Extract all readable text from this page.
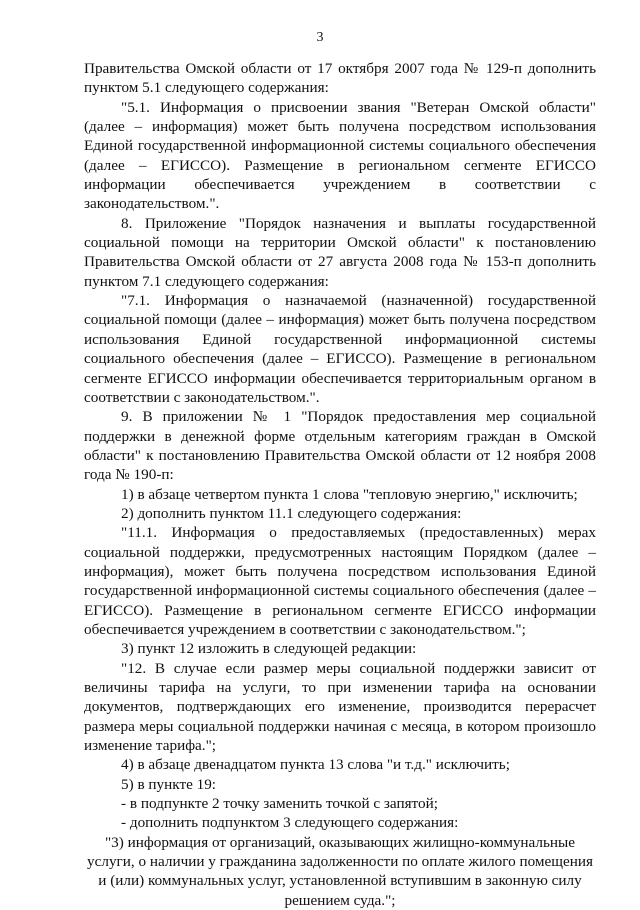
3

Правительства Омской области от 17 октября 2007 года № 129-п дополнить пунктом 5.1 следующего содержания:

"5.1. Информация о присвоении звания "Ветеран Омской области" (далее – информация) может быть получена посредством использования Единой государственной информационной системы социального обеспечения (далее – ЕГИССО). Размещение в региональном сегменте ЕГИССО информации обеспечивается учреждением в соответствии с законодательством.".

8. Приложение "Порядок назначения и выплаты государственной социальной помощи на территории Омской области" к постановлению Правительства Омской области от 27 августа 2008 года № 153-п дополнить пунктом 7.1 следующего содержания:

"7.1. Информация о назначаемой (назначенной) государственной социальной помощи (далее – информация) может быть получена посредством использования Единой государственной информационной системы социального обеспечения (далее – ЕГИССО). Размещение в региональном сегменте ЕГИССО информации обеспечивается территориальным органом в соответствии с законодательством.".

9. В приложении № 1 "Порядок предоставления мер социальной поддержки в денежной форме отдельным категориям граждан в Омской области" к постановлению Правительства Омской области от 12 ноября 2008 года № 190-п:

1) в абзаце четвертом пункта 1 слова "тепловую энергию," исключить;

2) дополнить пунктом 11.1 следующего содержания:

"11.1. Информация о предоставляемых (предоставленных) мерах социальной поддержки, предусмотренных настоящим Порядком (далее – информация), может быть получена посредством использования Единой государственной информационной системы социального обеспечения (далее – ЕГИССО). Размещение в региональном сегменте ЕГИССО информации обеспечивается учреждением в соответствии с законодательством.";

3) пункт 12 изложить в следующей редакции:

"12. В случае если размер меры социальной поддержки зависит от величины тарифа на услуги, то при изменении тарифа на основании документов, подтверждающих его изменение, производится перерасчет размера меры социальной поддержки начиная с месяца, в котором произошло изменение тарифа.";

4) в абзаце двенадцатом пункта 13 слова "и т.д." исключить;

5) в пункте 19:

- в подпункте 2 точку заменить точкой с запятой;

- дополнить подпунктом 3 следующего содержания:

"3) информация от организаций, оказывающих жилищно-коммунальные услуги, о наличии у гражданина задолженности по оплате жилого помещения и (или) коммунальных услуг, установленной вступившим в законную силу решением суда.";
